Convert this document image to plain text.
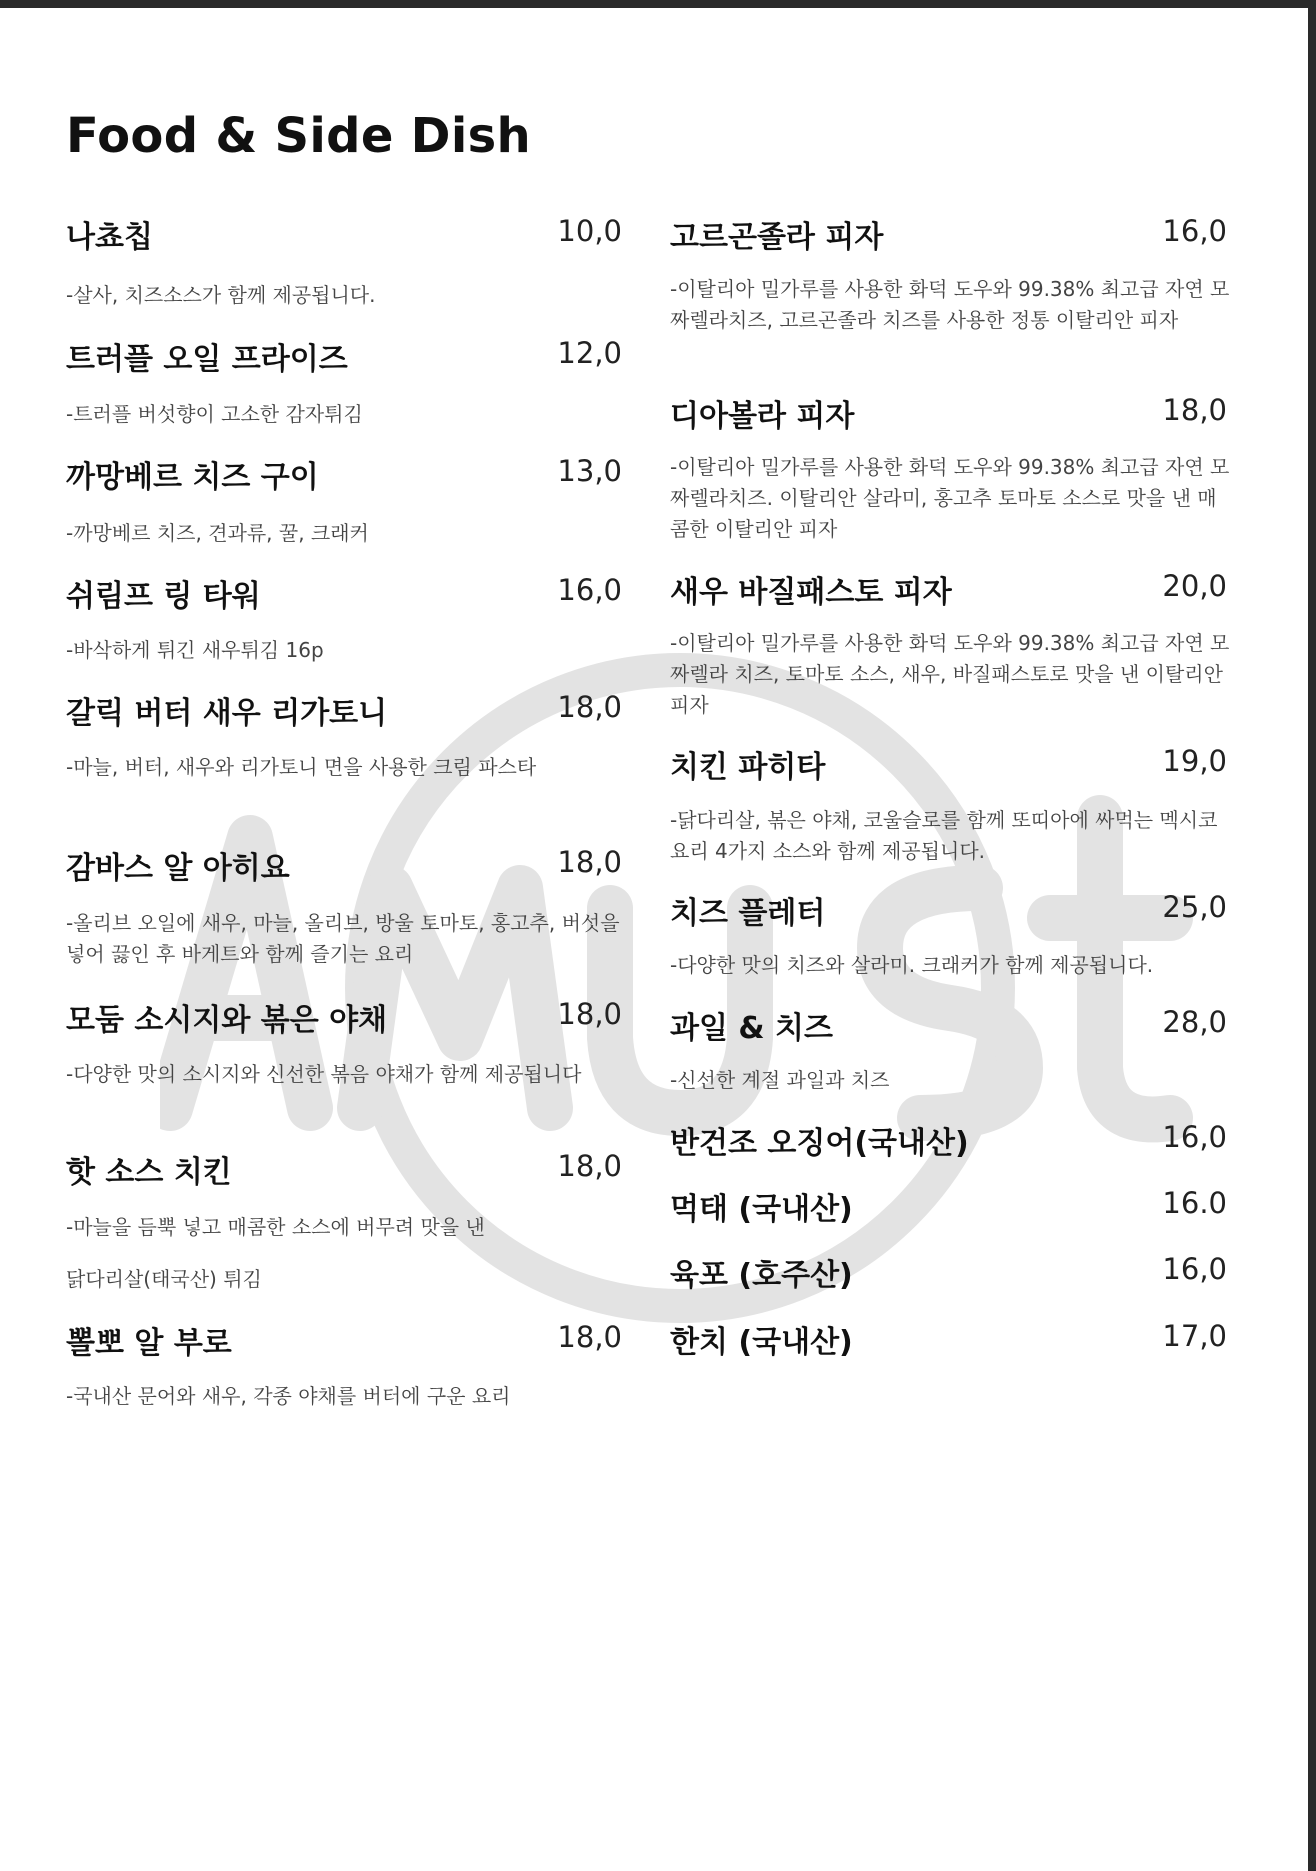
Food & Side Dish
나쵸칩	10,0
-살사, 치즈소스가 함께 제공됩니다.
트러플 오일 프라이즈	12,0
-트러플 버섯향이 고소한 감자튀김
까망베르 치즈 구이	13,0
-까망베르 치즈, 견과류, 꿀, 크래커
쉬림프 링 타워	16,0
-바삭하게 튀긴 새우튀김 16p
갈릭 버터 새우 리가토니	18,0
-마늘, 버터, 새우와 리가토니 면을 사용한 크림 파스타
감바스 알 아히요	18,0
-올리브 오일에 새우, 마늘, 올리브, 방울 토마토, 홍고추, 버섯을 넣어 끓인 후 바게트와 함께 즐기는 요리
모둠 소시지와 볶은 야채	18,0
-다양한 맛의 소시지와 신선한 볶음 야채가 함께 제공됩니다
핫 소스 치킨	18,0
-마늘을 듬뿍 넣고 매콤한 소스에 버무려 맛을 낸
닭다리살(태국산) 튀김
뽈뽀 알 부로	18,0
-국내산 문어와 새우, 각종 야채를 버터에 구운 요리
고르곤졸라 피자	16,0
-이탈리아 밀가루를 사용한 화덕 도우와 99.38% 최고급 자연 모짜렐라치즈, 고르곤졸라 치즈를 사용한 정통 이탈리안 피자
디아볼라 피자	18,0
-이탈리아 밀가루를 사용한 화덕 도우와 99.38% 최고급 자연 모짜렐라치즈. 이탈리안 살라미, 홍고추 토마토 소스로 맛을 낸 매콤한 이탈리안 피자
새우 바질패스토 피자	20,0
-이탈리아 밀가루를 사용한 화덕 도우와 99.38% 최고급 자연 모짜렐라 치즈, 토마토 소스, 새우, 바질패스토로 맛을 낸 이탈리안 피자
치킨 파히타	19,0
-닭다리살, 볶은 야채, 코울슬로를 함께 또띠아에 싸먹는 멕시코 요리 4가지 소스와 함께 제공됩니다.
치즈 플레터	25,0
-다양한 맛의 치즈와 살라미. 크래커가 함께 제공됩니다.
과일 & 치즈	28,0
-신선한 계절 과일과 치즈
반건조 오징어(국내산)	16,0
먹태 (국내산)	16.0
육포 (호주산)	16,0
한치 (국내산)	17,0
